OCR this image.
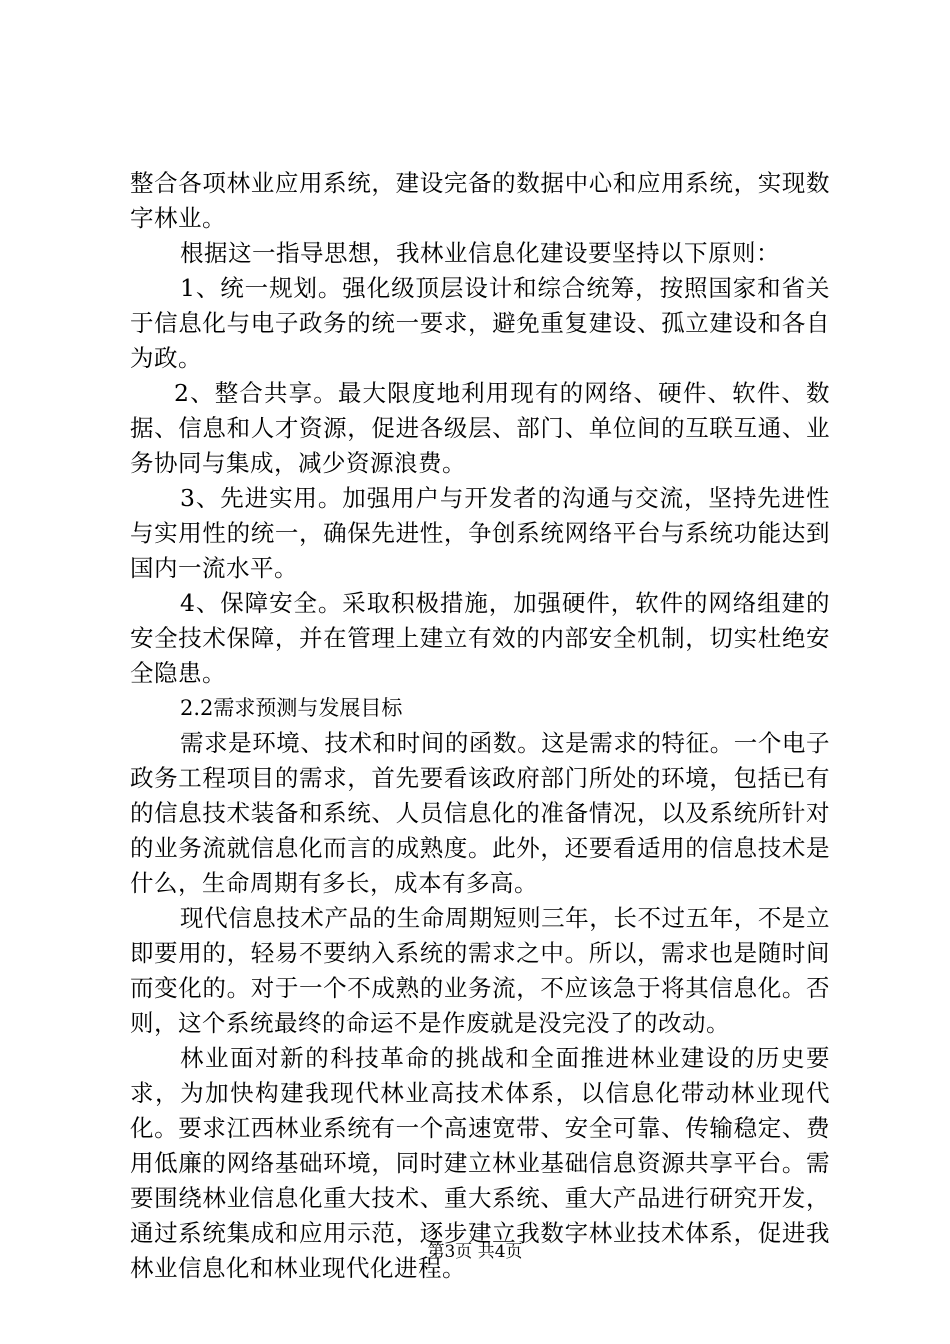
整合各项林业应用系统，建设完备的数据中心和应用系统，实现数字林业。

根据这一指导思想，我林业信息化建设要坚持以下原则：

1、统一规划。强化级顶层设计和综合统筹，按照国家和省关于信息化与电子政务的统一要求，避免重复建设、孤立建设和各自为政。

2、整合共享。最大限度地利用现有的网络、硬件、软件、数据、信息和人才资源，促进各级层、部门、单位间的互联互通、业务协同与集成，减少资源浪费。

3、先进实用。加强用户与开发者的沟通与交流，坚持先进性与实用性的统一，确保先进性，争创系统网络平台与系统功能达到国内一流水平。

4、保障安全。采取积极措施，加强硬件，软件的网络组建的安全技术保障，并在管理上建立有效的内部安全机制，切实杜绝安全隐患。

2.2需求预测与发展目标

需求是环境、技术和时间的函数。这是需求的特征。一个电子政务工程项目的需求，首先要看该政府部门所处的环境，包括已有的信息技术装备和系统、人员信息化的准备情况，以及系统所针对的业务流就信息化而言的成熟度。此外，还要看适用的信息技术是什么，生命周期有多长，成本有多高。

现代信息技术产品的生命周期短则三年，长不过五年，不是立即要用的，轻易不要纳入系统的需求之中。所以，需求也是随时间而变化的。对于一个不成熟的业务流，不应该急于将其信息化。否则，这个系统最终的命运不是作废就是没完没了的改动。

林业面对新的科技革命的挑战和全面推进林业建设的历史要求，为加快构建我现代林业高技术体系，以信息化带动林业现代化。要求江西林业系统有一个高速宽带、安全可靠、传输稳定、费用低廉的网络基础环境，同时建立林业基础信息资源共享平台。需要围绕林业信息化重大技术、重大系统、重大产品进行研究开发，通过系统集成和应用示范，逐步建立我数字林业技术体系，促进我林业信息化和林业现代化进程。

第3页 共4页
